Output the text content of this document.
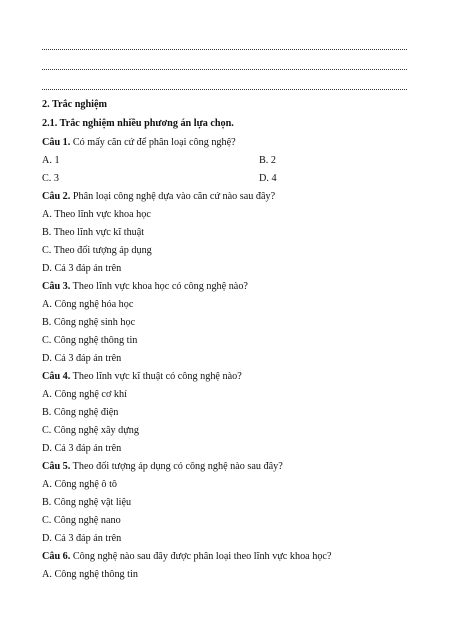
2. Trắc nghiệm
2.1. Trắc nghiệm nhiều phương án lựa chọn.
Câu 1. Có mấy căn cứ để phân loại công nghệ?
A. 1	B. 2
C. 3	D. 4
Câu 2. Phân loại công nghệ dựa vào căn cứ nào sau đây?
A. Theo lĩnh vực khoa học
B. Theo lĩnh vực kĩ thuật
C. Theo đối tượng áp dụng
D. Cả 3 đáp án trên
Câu 3. Theo lĩnh vực khoa học có công nghệ nào?
A. Công nghệ hóa học
B. Công nghệ sinh học
C. Công nghệ thông tin
D. Cả 3 đáp án trên
Câu 4. Theo lĩnh vực kĩ thuật có công nghệ nào?
A. Công nghệ cơ khí
B. Công nghệ điện
C. Công nghệ xây dựng
D. Cả 3 đáp án trên
Câu 5. Theo đối tượng áp dụng có công nghệ nào sau đây?
A. Công nghệ ô tô
B. Công nghệ vật liệu
C. Công nghệ nano
D. Cả 3 đáp án trên
Câu 6. Công nghệ nào sau đây được phân loại theo lĩnh vực khoa học?
A. Công nghệ thông tin
